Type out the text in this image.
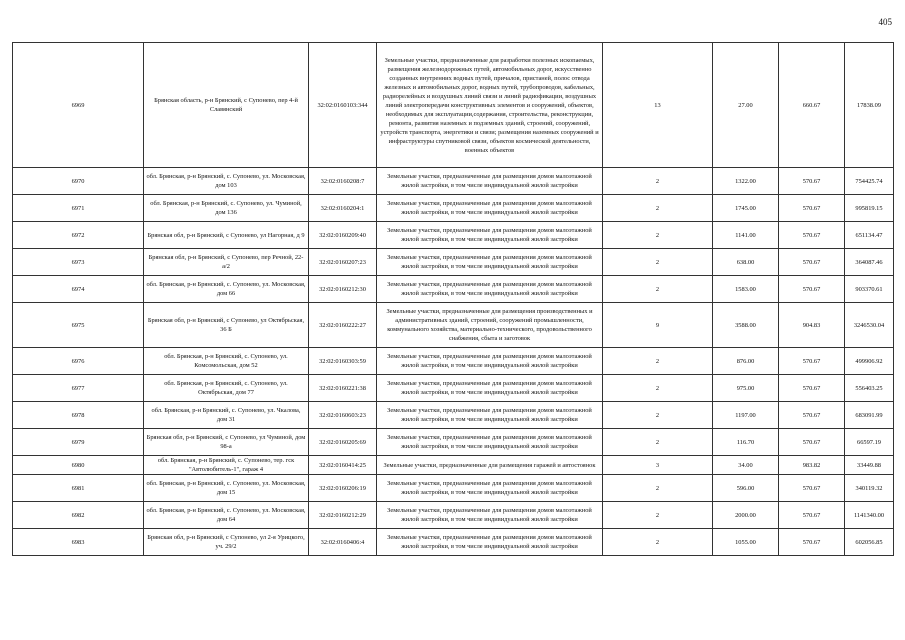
405
6969	Брянская область, р-н Брянский, с Супонево, пер 4-й Славянский	32:02:0160103:344	Земельные участки, предназначенные для разработки полезных ископаемых, размещения железнодорожных путей, автомобильных дорог, искусственно созданных внутренних водных путей, причалов, пристаней, полос отвода железных и автомобильных дорог, водных путей, трубопроводов, кабельных, радиорелейных и воздушных линий связи и линий радиофикации, воздушных линий электропередачи конструктивных элементов и сооружений, объектов, необходимых для эксплуатации,содержания, строительства, реконструкции, ремонта, развития наземных и подземных зданий, строений, сооружений, устройств транспорта, энергетики и связи; размещения наземных сооружений и инфраструктуры спутниковой связи, объектов космической деятельности, военных объектов	13	27.00	660.67	17838.09
6970	обл. Брянская, р-н Брянский, с. Супонево, ул. Московская, дом 103	32:02:0160208:7	Земельные участки, предназначенные для размещения домов малоэтажной жилой застройки, в том числе индивидуальной жилой застройки	2	1322.00	570.67	754425.74
6971	обл. Брянская, р-н Брянский, с. Супонево, ул. Чуминой, дом 136	32:02:0160204:1	Земельные участки, предназначенные для размещения домов малоэтажной жилой застройки, в том числе индивидуальной жилой застройки	2	1745.00	570.67	995819.15
6972	Брянская обл, р-н Брянский, с Супонево, ул Нагорная, д 9	32:02:0160209:40	Земельные участки, предназначенные для размещения домов малоэтажной жилой застройки, в том числе индивидуальной жилой застройки	2	1141.00	570.67	651134.47
6973	Брянская обл, р-н Брянский, с Супонево, пер Речной, 22-а/2	32:02:0160207:23	Земельные участки, предназначенные для размещения домов малоэтажной жилой застройки, в том числе индивидуальной жилой застройки	2	638.00	570.67	364087.46
6974	обл. Брянская, р-н Брянский, с. Супонево, ул. Московская, дом 66	32:02:0160212:30	Земельные участки, предназначенные для размещения домов малоэтажной жилой застройки, в том числе индивидуальной жилой застройки	2	1583.00	570.67	903370.61
6975	Брянская обл, р-н Брянский, с Супонево, ул Октябрьская, 36 Б	32:02:0160222:27	Земельные участки, предназначенные для размещения производственных и административных зданий, строений, сооружений промышленности, коммунального хозяйства, материально-технического, продовольственного снабжения, сбыта и заготовок	9	3588.00	904.83	3246530.04
6976	обл. Брянская, р-н Брянский, с. Супонево, ул. Комсомольская, дом 52	32:02:0160303:59	Земельные участки, предназначенные для размещения домов малоэтажной жилой застройки, в том числе индивидуальной жилой застройки	2	876.00	570.67	499906.92
6977	обл. Брянская, р-н Брянский, с. Супонево, ул. Октябрьская, дом 77	32:02:0160221:38	Земельные участки, предназначенные для размещения домов малоэтажной жилой застройки, в том числе индивидуальной жилой застройки	2	975.00	570.67	556403.25
6978	обл. Брянская, р-н Брянский, с. Супонево, ул. Чкалова, дом 31	32:02:0160603:23	Земельные участки, предназначенные для размещения домов малоэтажной жилой застройки, в том числе индивидуальной жилой застройки	2	1197.00	570.67	683091.99
6979	Брянская обл, р-н Брянский, с Супонево, ул Чуминой, дом 98-а	32:02:0160205:69	Земельные участки, предназначенные для размещения домов малоэтажной жилой застройки, в том числе индивидуальной жилой застройки	2	116.70	570.67	66597.19
6980	обл. Брянская, р-н Брянский, с. Супонево, тер. гск "Автолюбитель-1", гараж 4	32:02:0160414:25	Земельные участки, предназначенные для размещения гаражей и автостоянок	3	34.00	983.82	33449.88
6981	обл. Брянская, р-н Брянский, с. Супонево, ул. Московская, дом 15	32:02:0160206:19	Земельные участки, предназначенные для размещения домов малоэтажной жилой застройки, в том числе индивидуальной жилой застройки	2	596.00	570.67	340119.32
6982	обл. Брянская, р-н Брянский, с. Супонево, ул. Московская, дом 64	32:02:0160212:29	Земельные участки, предназначенные для размещения домов малоэтажной жилой застройки, в том числе индивидуальной жилой застройки	2	2000.00	570.67	1141340.00
6983	Брянская обл, р-н Брянский, с Супонево, ул 2-я Урицкого, уч. 29/2	32:02:0160406:4	Земельные участки, предназначенные для размещения домов малоэтажной жилой застройки, в том числе индивидуальной жилой застройки	2	1055.00	570.67	602056.85
